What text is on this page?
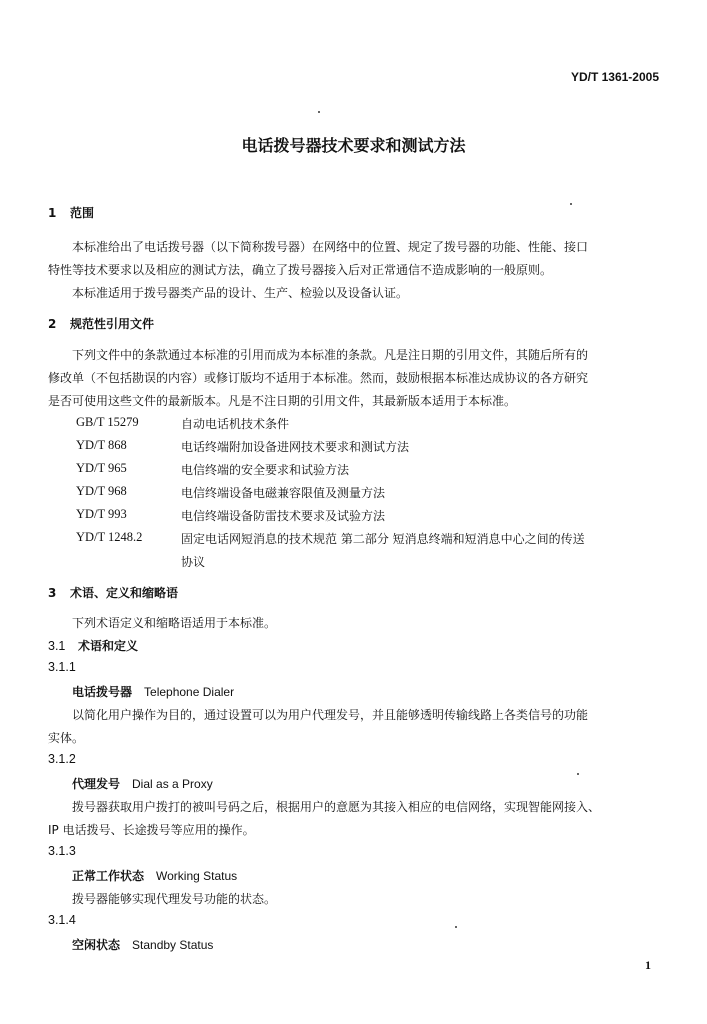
YD/T 1361-2005
电话拨号器技术要求和测试方法
1 范围
本标准给出了电话拨号器（以下简称拨号器）在网络中的位置、规定了拨号器的功能、性能、接口
特性等技术要求以及相应的测试方法，确立了拨号器接入后对正常通信不造成影响的一般原则。
本标准适用于拨号器类产品的设计、生产、检验以及设备认证。
2 规范性引用文件
下列文件中的条款通过本标准的引用而成为本标准的条款。凡是注日期的引用文件，其随后所有的
修改单（不包括勘误的内容）或修订版均不适用于本标准。然而，鼓励根据本标准达成协议的各方研究
是否可使用这些文件的最新版本。凡是不注日期的引用文件，其最新版本适用于本标准。
GB/T 15279	自动电话机技术条件
YD/T 868	电话终端附加设备进网技术要求和测试方法
YD/T 965	电信终端的安全要求和试验方法
YD/T 968	电信终端设备电磁兼容限值及测量方法
YD/T 993	电信终端设备防雷技术要求及试验方法
YD/T 1248.2	固定电话网短消息的技术规范 第二部分 短消息终端和短消息中心之间的传送
协议
3 术语、定义和缩略语
下列术语定义和缩略语适用于本标准。
3.1 术语和定义
3.1.1
电话拨号器 Telephone Dialer
以简化用户操作为目的，通过设置可以为用户代理发号，并且能够透明传输线路上各类信号的功能
实体。
3.1.2
代理发号 Dial as a Proxy
拨号器获取用户拨打的被叫号码之后，根据用户的意愿为其接入相应的电信网络，实现智能网接入、
IP 电话拨号、长途拨号等应用的操作。
3.1.3
正常工作状态 Working Status
拨号器能够实现代理发号功能的状态。
3.1.4
空闲状态 Standby Status
1
